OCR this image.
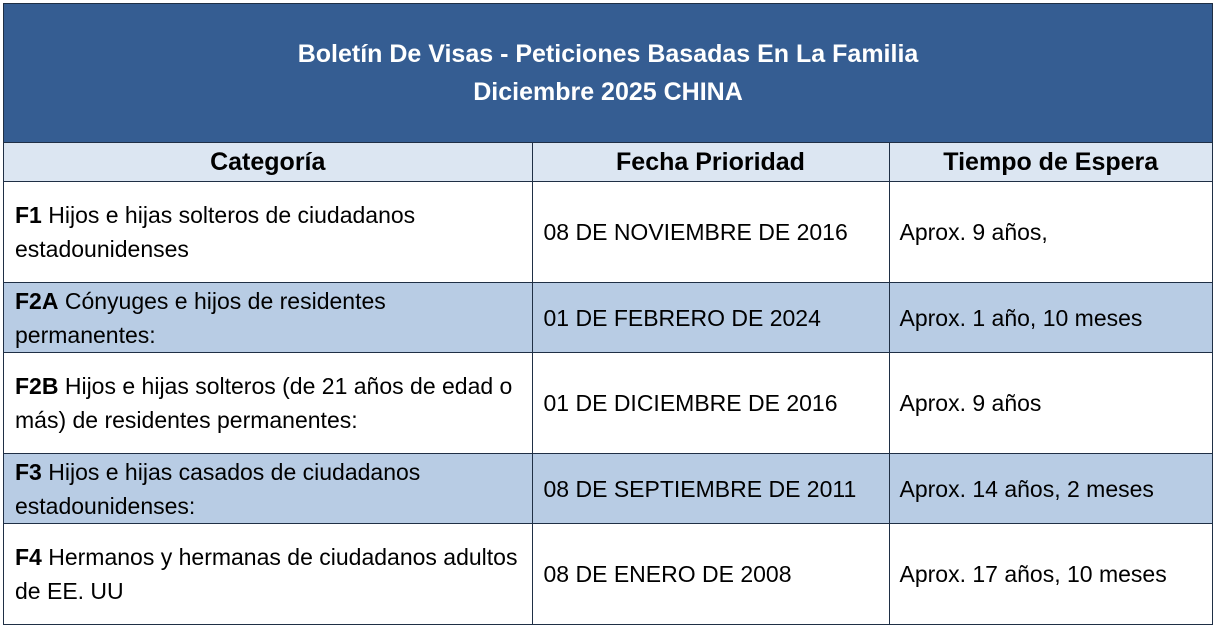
Boletín De Visas - Peticiones Basadas En La Familia
Diciembre 2025 CHINA
Categoría	Fecha Prioridad	Tiempo de Espera
F1 Hijos e hijas solteros de ciudadanos estadounidenses	08 DE NOVIEMBRE DE 2016	Aprox. 9 años,
F2A Cónyuges e hijos de residentes permanentes:	01 DE FEBRERO DE 2024	Aprox. 1 año, 10 meses
F2B Hijos e hijas solteros (de 21 años de edad o más) de residentes permanentes:	01 DE DICIEMBRE DE 2016	Aprox. 9 años
F3 Hijos e hijas casados de ciudadanos estadounidenses:	08 DE SEPTIEMBRE DE 2011	Aprox. 14 años, 2 meses
F4 Hermanos y hermanas de ciudadanos adultos de EE. UU	08 DE ENERO DE 2008	Aprox. 17 años, 10 meses
